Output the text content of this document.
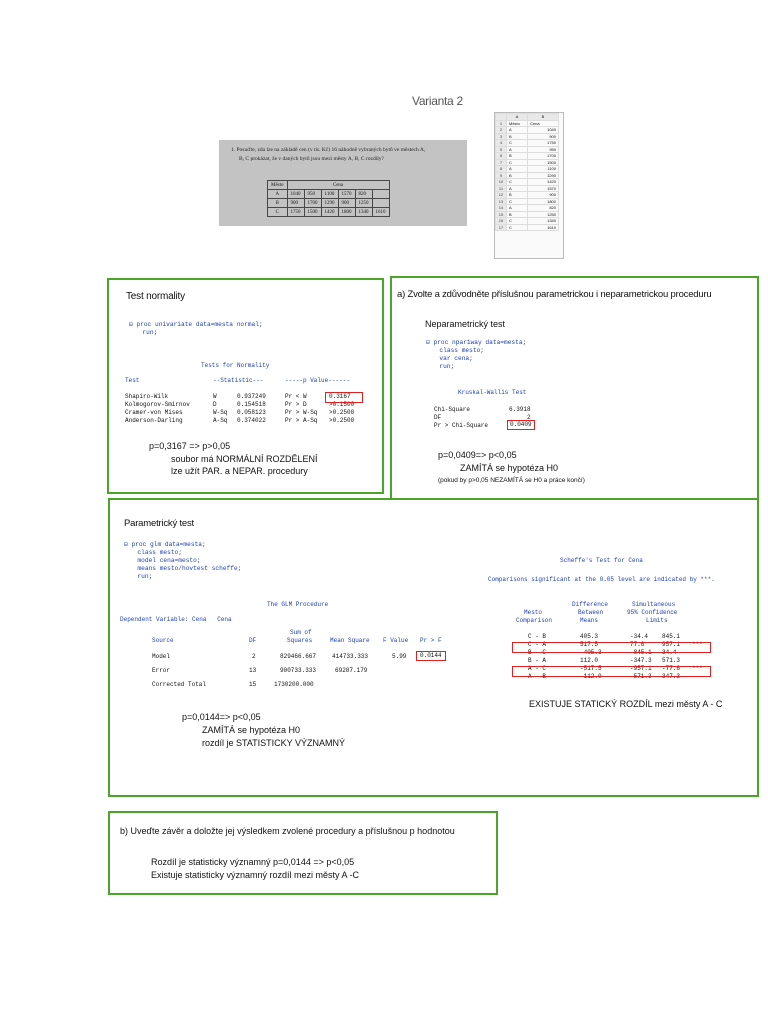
Varianta 2
1. Posuďte, zda lze na základě cen (v tis. Kč) 16 náhodně vybraných bytů ve městech A,
B, C prokázat, že v daných bytů jsou mezi městy A, B, C rozdíly?
Město	Cena					
A	1040	950	1100	1570	820	
B	900	1700	1290	900	1250	
C	1750	1500	1420	1800	1340	1610
	A	B
1	Město	Cena
2	A	1040
3	B	900
4	C	1750
5	A	950
6	B	1700
7	C	1500
8	A	1100
9	B	1290
10	C	1420
11	A	1570
12	B	900
13	C	1800
14	A	820
15	B	1250
16	C	1340
17	C	1610
Test normality
⊟ proc univariate data=mesta normal;
run;
Tests for Normality
Test	--Statistic---	-----p Value------
Shapiro-Wilk	W	0.937249	Pr < W	0.3167
Kolmogorov-Smirnov	D	0.154518	Pr > D	>0.1500
Cramer-von Mises	W-Sq 0.058123	Pr > W-Sq >0.2500
Anderson-Darling	A-Sq 0.374022	Pr > A-Sq >0.2500
p=0,3167 => p>0,05
soubor má NORMÁLNÍ ROZDĚLENÍ
lze užít PAR. a NEPAR. procedury
a) Zvolte a zdůvodněte příslušnou parametrickou i neparametrickou proceduru
Neparametrický test
⊟ proc npar1way data=mesta;
class mesto;
var cena;
run;
Kruskal-Wallis Test
Chi-Square	6.3918
DF	2
Pr > Chi-Square	0.0409
p=0,0409=> p<0,05
ZAMÍTÁ se hypotéza H0
(pokud by p>0,05 NEZAMÍTÁ se H0 a práce končí)
Parametrický test
⊟ proc glm data=mesta;
class mesto;
model cena=mesto;
means mesto/hovtest scheffe;
run;
The GLM Procedure
Dependent Variable: Cena   Cena
Sum of
Source	DF	Squares	Mean Square F Value Pr > F
Model	2	829466.667	414733.333	5.99	0.0144
Error	13	900733.333	69287.179
Corrected Total	15	1730200.000
p=0,0144=> p<0,05
ZAMÍTÁ se hypotéza H0
rozdíl je STATISTICKY VÝZNAMNÝ
Scheffe's Test for Cena
Comparisons significant at the 0.05 level are indicated by ***.
Difference	Simultaneous
Mesto	Between	95% Confidence
Comparison	Means	Limits
C - B	405.3	-34.4 845.1
C - A	517.5	77.6	957.1 ***
B - C	-405.3	-845.1 34.4
B - A	112.0	-347.3 571.3
A - C	-517.5	-957.1 -77.6 ***
A - B	-112.0	-571.3 347.3
EXISTUJE STATICKÝ ROZDÍL mezi městy A - C
b) Uveďte závěr a doložte jej výsledkem zvolené procedury a příslušnou p hodnotou
Rozdíl je statisticky významný p=0,0144 => p<0,05
Existuje statisticky významný rozdíl mezi městy A -C
